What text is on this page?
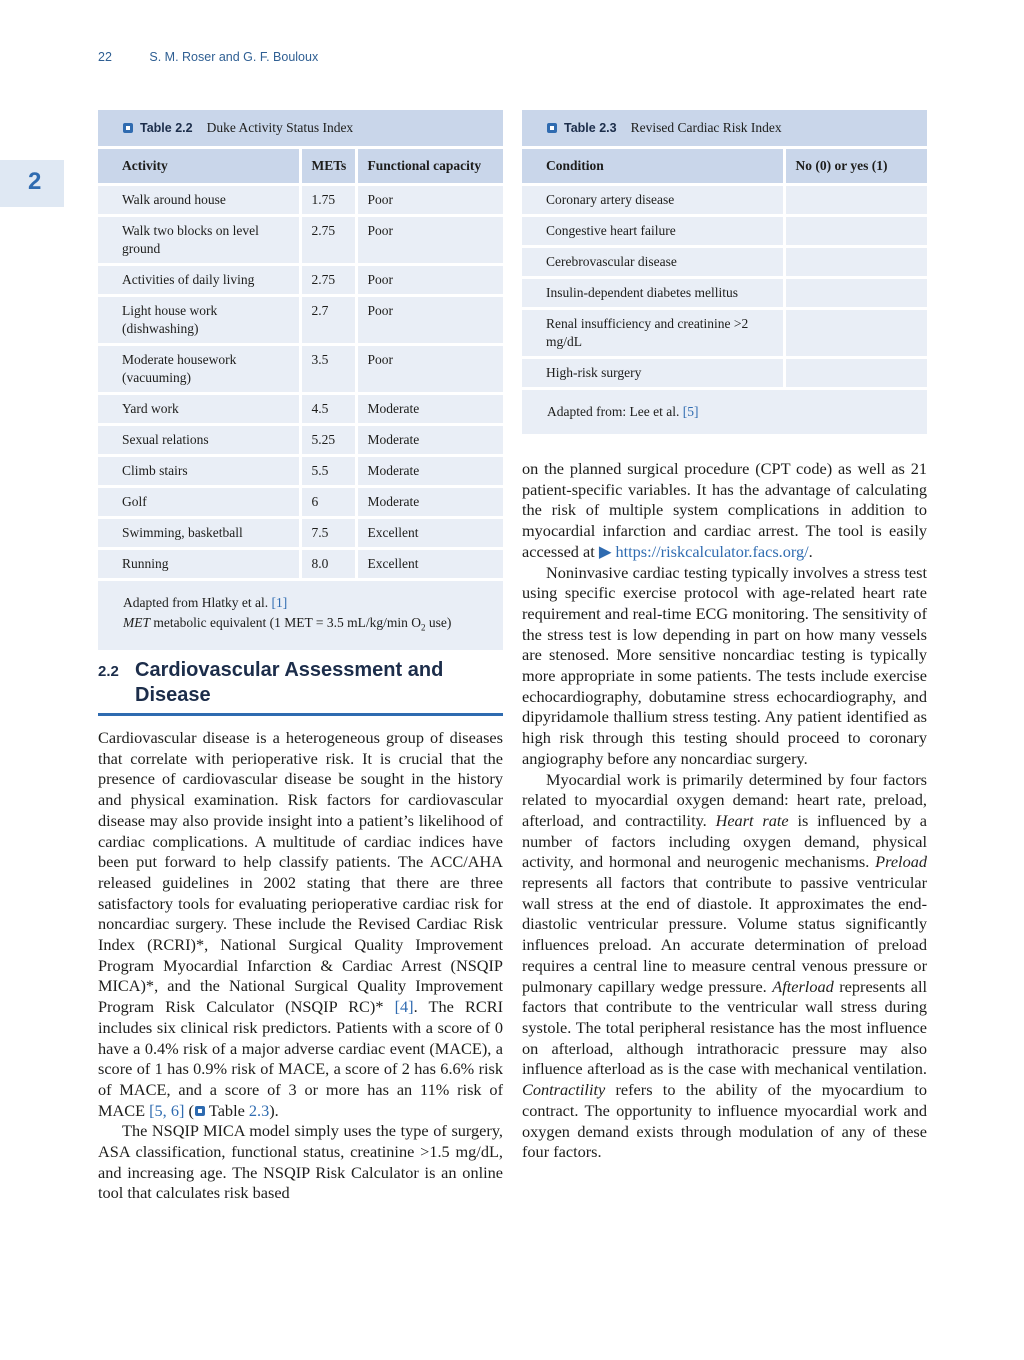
22	S. M. Roser and G. F. Bouloux
2
Table 2.2 Duke Activity Status Index
Activity	METs	Functional capacity
Walk around house	1.75	Poor
Walk two blocks on level ground	2.75	Poor
Activities of daily living	2.75	Poor
Light house work (dishwashing)	2.7	Poor
Moderate housework (vacuuming)	3.5	Poor
Yard work	4.5	Moderate
Sexual relations	5.25	Moderate
Climb stairs	5.5	Moderate
Golf	6	Moderate
Swimming, basketball	7.5	Excellent
Running	8.0	Excellent
Adapted from Hlatky et al. [1]
MET metabolic equivalent (1 MET = 3.5 mL/kg/min $O_2$ use)
Table 2.3 Revised Cardiac Risk Index
Condition	No (0) or yes (1)
Coronary artery disease	
Congestive heart failure	
Cerebrovascular disease	
Insulin-dependent diabetes mellitus	
Renal insufficiency and creatinine >2 mg/dL	
High-risk surgery	
Adapted from: Lee et al. [5]
2.2 Cardiovascular Assessment and Disease

Cardiovascular disease is a heterogeneous group of diseases that correlate with perioperative risk. It is crucial that the presence of cardiovascular disease be sought in the history and physical examination. Risk factors for cardiovascular disease may also provide insight into a patient’s likelihood of cardiac complications. A multitude of cardiac indices have been put forward to help classify patients. The ACC/AHA released guidelines in 2002 stating that there are three satisfactory tools for evaluating perioperative cardiac risk for noncardiac surgery. These include the Revised Cardiac Risk Index (RCRI)*, National Surgical Quality Improvement Program Myocardial Infarction & Cardiac Arrest (NSQIP MICA)*, and the National Surgical Quality Improvement Program Risk Calculator (NSQIP RC)* [4]. The RCRI includes six clinical risk predictors. Patients with a score of 0 have a 0.4% risk of a major adverse cardiac event (MACE), a score of 1 has 0.9% risk of MACE, a score of 2 has 6.6% risk of MACE, and a score of 3 or more has an 11% risk of MACE [5, 6] ( Table 2.3).

The NSQIP MICA model simply uses the type of surgery, ASA classification, functional status, creatinine >1.5 mg/dL, and increasing age. The NSQIP Risk Calculator is an online tool that calculates risk based

on the planned surgical procedure (CPT code) as well as 21 patient-specific variables. It has the advantage of calculating the risk of multiple system complications in addition to myocardial infarction and cardiac arrest. The tool is easily accessed at ▶ https://riskcalculator.facs.org/.

Noninvasive cardiac testing typically involves a stress test using specific exercise protocol with age-related heart rate requirement and real-time ECG monitoring. The sensitivity of the stress test is low depending in part on how many vessels are stenosed. More sensitive noncardiac testing is typically more appropriate in some patients. The tests include exercise echocardiography, dobutamine stress echocardiography, and dipyridamole thallium stress testing. Any patient identified as high risk through this testing should proceed to coronary angiography before any noncardiac surgery.

Myocardial work is primarily determined by four factors related to myocardial oxygen demand: heart rate, preload, afterload, and contractility. Heart rate is influenced by a number of factors including oxygen demand, physical activity, and hormonal and neurogenic mechanisms. Preload represents all factors that contribute to passive ventricular wall stress at the end of diastole. It approximates the end-diastolic ventricular pressure. Volume status significantly influences preload. An accurate determination of preload requires a central line to measure central venous pressure or pulmonary capillary wedge pressure. Afterload represents all factors that contribute to the ventricular wall stress during systole. The total peripheral resistance has the most influence on afterload, although intrathoracic pressure may also influence afterload as is the case with mechanical ventilation. Contractility refers to the ability of the myocardium to contract. The opportunity to influence myocardial work and oxygen demand exists through modulation of any of these four factors.
